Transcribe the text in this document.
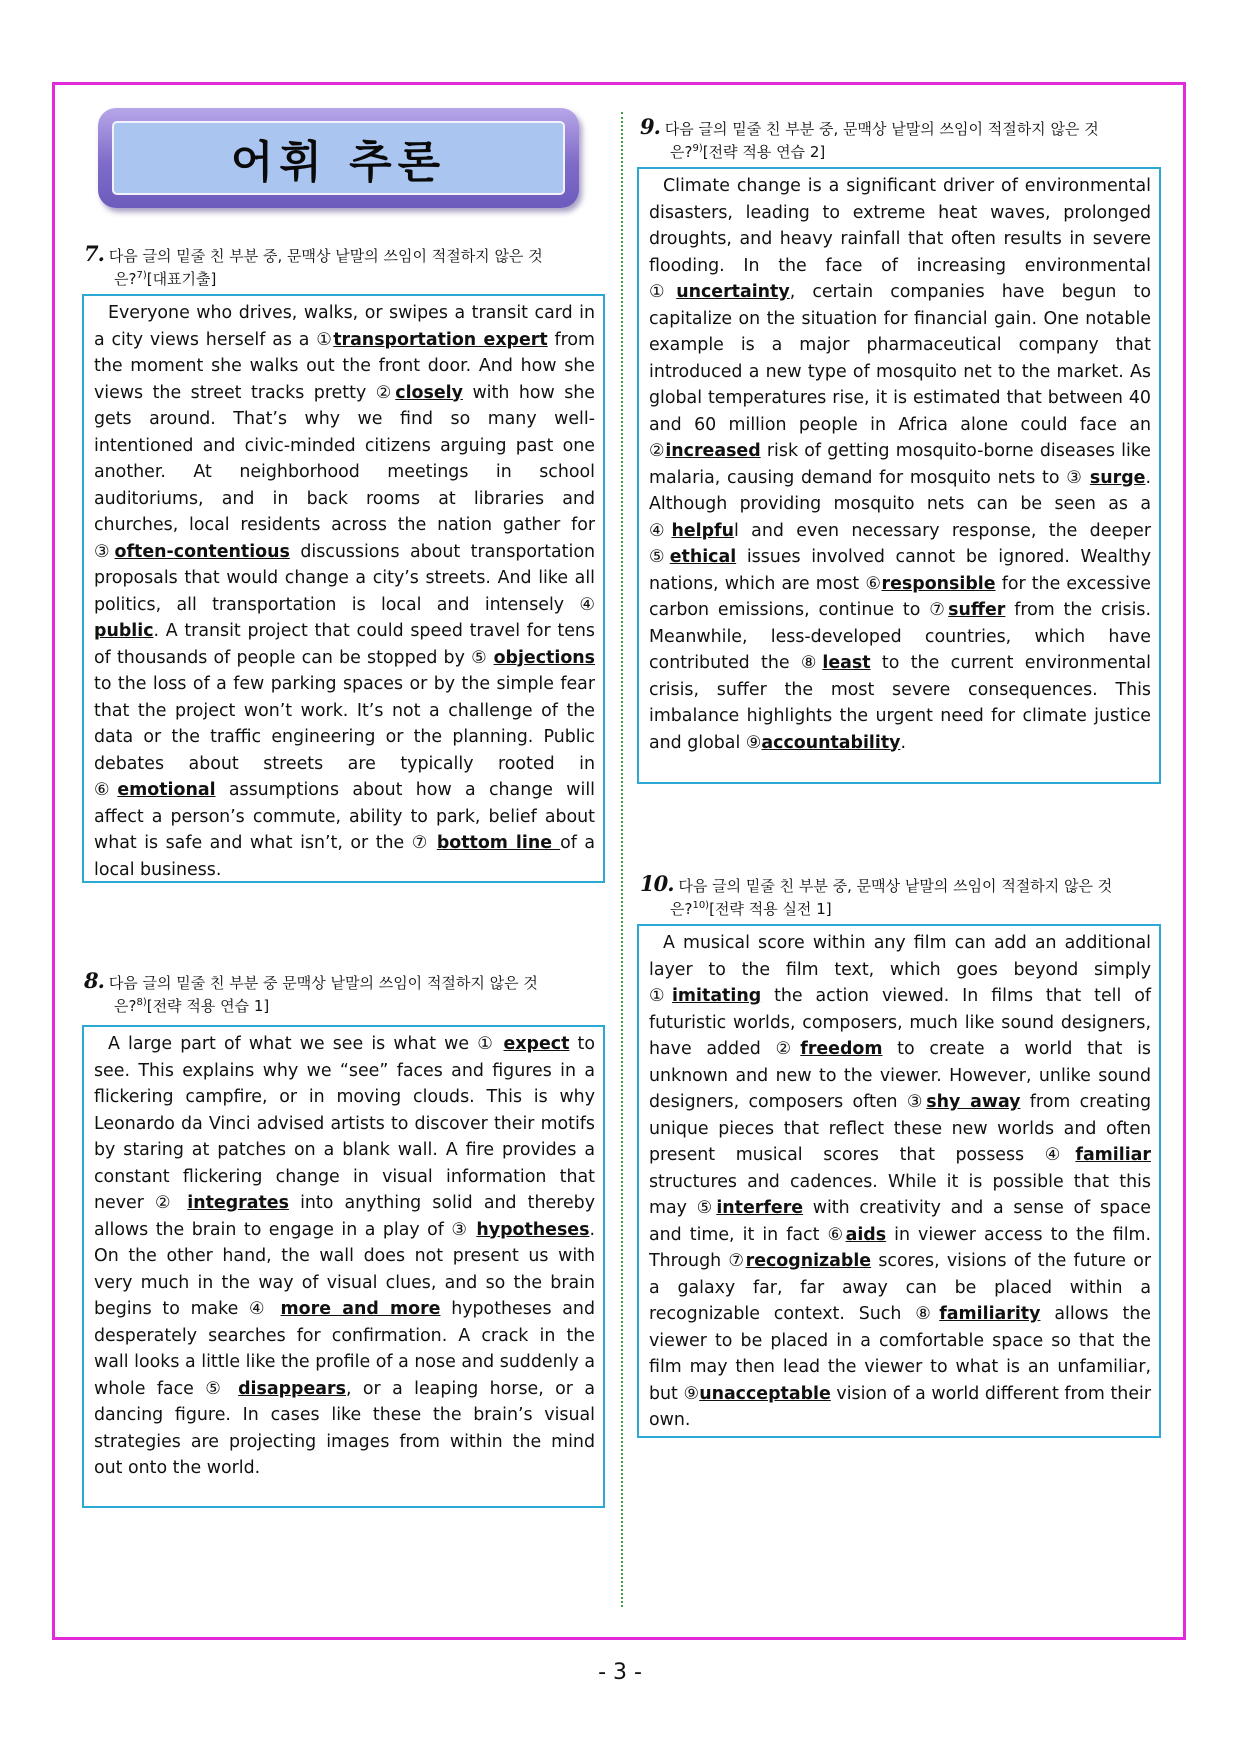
어휘 추론
7. 다음 글의 밑줄 친 부분 중, 문맥상 낱말의 쓰임이 적절하지 않은 것
은?$^{7)}$[대표기출]

Everyone who drives, walks, or swipes a transit card in a city views herself as a ①transportation expert from the moment she walks out the front door. And how she views the street tracks pretty ②closely with how she gets around. That’s why we find so many well-intentioned and civic-minded citizens arguing past one another. At neighborhood meetings in school auditoriums, and in back rooms at libraries and churches, local residents across the nation gather for ③often-contentious discussions about transportation proposals that would change a city’s streets. And like all politics, all transportation is local and intensely ④ public. A transit project that could speed travel for tens of thousands of people can be stopped by ⑤ objections to the loss of a few parking spaces or by the simple fear that the project won’t work. It’s not a challenge of the data or the traffic engineering or the planning. Public debates about streets are typically rooted in ⑥emotional assumptions about how a change will affect a person’s commute, ability to park, belief about what is safe and what isn’t, or the ⑦ bottom line of a local business.

8. 다음 글의 밑줄 친 부분 중 문맥상 낱말의 쓰임이 적절하지 않은 것
은?$^{8)}$[전략 적용 연습 1]

A large part of what we see is what we ① expect to see. This explains why we “see” faces and figures in a flickering campfire, or in moving clouds. This is why Leonardo da Vinci advised artists to discover their motifs by staring at patches on a blank wall. A fire provides a constant flickering change in visual information that never ② integrates into anything solid and thereby allows the brain to engage in a play of ③ hypotheses. On the other hand, the wall does not present us with very much in the way of visual clues, and so the brain begins to make ④ more and more hypotheses and desperately searches for confirmation. A crack in the wall looks a little like the profile of a nose and suddenly a whole face ⑤ disappears, or a leaping horse, or a dancing figure. In cases like these the brain’s visual strategies are projecting images from within the mind out onto the world.

9. 다음 글의 밑줄 친 부분 중, 문맥상 낱말의 쓰임이 적절하지 않은 것
은?$^{9)}$[전략 적용 연습 2]

Climate change is a significant driver of environmental disasters, leading to extreme heat waves, prolonged droughts, and heavy rainfall that often results in severe flooding. In the face of increasing environmental ①uncertainty, certain companies have begun to capitalize on the situation for financial gain. One notable example is a major pharmaceutical company that introduced a new type of mosquito net to the market. As global temperatures rise, it is estimated that between 40 and 60 million people in Africa alone could face an ②increased risk of getting mosquito-borne diseases like malaria, causing demand for mosquito nets to ③ surge. Although providing mosquito nets can be seen as a ④helpful and even necessary response, the deeper ⑤ethical issues involved cannot be ignored. Wealthy nations, which are most ⑥responsible for the excessive carbon emissions, continue to ⑦suffer from the crisis. Meanwhile, less-developed countries, which have contributed the ⑧least to the current environmental crisis, suffer the most severe consequences. This imbalance highlights the urgent need for climate justice and global ⑨accountability.

10. 다음 글의 밑줄 친 부분 중, 문맥상 낱말의 쓰임이 적절하지 않은 것
은?$^{10)}$[전략 적용 실전 1]

A musical score within any film can add an additional layer to the film text, which goes beyond simply ①imitating the action viewed. In films that tell of futuristic worlds, composers, much like sound designers, have added ②freedom to create a world that is unknown and new to the viewer. However, unlike sound designers, composers often ③shy away from creating unique pieces that reflect these new worlds and often present musical scores that possess ④familiar structures and cadences. While it is possible that this may ⑤interfere with creativity and a sense of space and time, it in fact ⑥aids in viewer access to the film. Through ⑦recognizable scores, visions of the future or a galaxy far, far away can be placed within a recognizable context. Such ⑧familiarity allows the viewer to be placed in a comfortable space so that the film may then lead the viewer to what is an unfamiliar, but ⑨unacceptable vision of a world different from their own.

- 3 -
